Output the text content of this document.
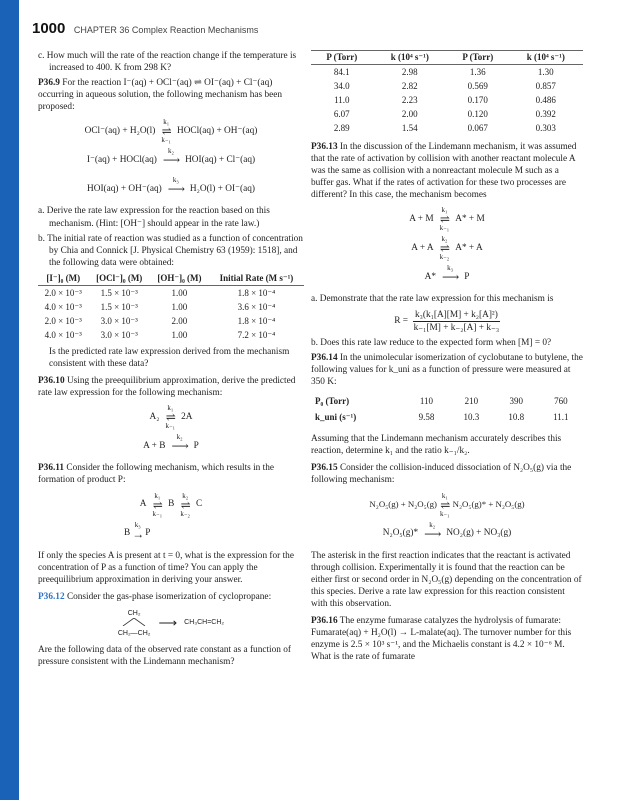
1000 CHAPTER 36 Complex Reaction Mechanisms

c. How much will the rate of the reaction change if the temperature is increased to 400. K from 298 K?

P36.9 For the reaction I⁻(aq) + OCl⁻(aq) ⇌ OI⁻(aq) + Cl⁻(aq) occurring in aqueous solution, the following mechanism has been proposed:

OCl⁻(aq) + H₂O(l)
k₁
⇌
k₋₁
HOCl(aq) + OH⁻(aq)
I⁻(aq) + HOCl(aq)
k₂
⟶
HOI(aq) + Cl⁻(aq)
HOI(aq) + OH⁻(aq)
k₃
⟶
H₂O(l) + OI⁻(aq)

a. Derive the rate law expression for the reaction based on this mechanism. (Hint: [OH⁻] should appear in the rate law.)

b. The initial rate of reaction was studied as a function of concentration by Chia and Connick [J. Physical Chemistry 63 (1959): 1518], and the following data were obtained:

[I⁻]₀ (M)	[OCl⁻]₀ (M)	[OH⁻]₀ (M)	Initial Rate (M s⁻¹)
2.0 × 10⁻³	1.5 × 10⁻³	1.00	1.8 × 10⁻⁴
4.0 × 10⁻³	1.5 × 10⁻³	1.00	3.6 × 10⁻⁴
2.0 × 10⁻³	3.0 × 10⁻³	2.00	1.8 × 10⁻⁴
4.0 × 10⁻³	3.0 × 10⁻³	1.00	7.2 × 10⁻⁴

Is the predicted rate law expression derived from the mechanism consistent with these data?

P36.10 Using the preequilibrium approximation, derive the predicted rate law expression for the following mechanism:

A₂
k₁
⇌
k₋₁
2A
A + B
k₂
⟶
P

P36.11 Consider the following mechanism, which results in the formation of product P:

A
k₁
⇌
k₋₁
B
k₂
⇌
k₋₂
C
B
k₃
→
P

If only the species A is present at t = 0, what is the expression for the concentration of P as a function of time? You can apply the preequilibrium approximation in deriving your answer.

P36.12 Consider the gas-phase isomerization of cyclopropane:

CH₂
CH₂—CH₂
⟶ CH₃CH=CH₂

Are the following data of the observed rate constant as a function of pressure consistent with the Lindemann mechanism?

P (Torr)	k (10⁴ s⁻¹)	P (Torr)	k (10⁴ s⁻¹)
84.1	2.98	1.36	1.30
34.0	2.82	0.569	0.857
11.0	2.23	0.170	0.486
6.07	2.00	0.120	0.392
2.89	1.54	0.067	0.303

P36.13 In the discussion of the Lindemann mechanism, it was assumed that the rate of activation by collision with another reactant molecule A was the same as collision with a nonreactant molecule M such as a buffer gas. What if the rates of activation for these two processes are different? In this case, the mechanism becomes

A + M
k₁
⇌
k₋₁
A* + M
A + A
k₂
⇌
k₋₂
A* + A
A*
k₃
⟶
P

a. Demonstrate that the rate law expression for this mechanism is

$R = \frac{\text{k₃(k₁[A][M] + k₂[A]²)}}{\text{k₋₁[M] + k₋₂[A] + k₋₃}}$

b. Does this rate law reduce to the expected form when [M] = 0?

P36.14 In the unimolecular isomerization of cyclobutane to butylene, the following values for k_uni as a function of pressure were measured at 350 K:

P₀ (Torr)	110	210	390	760
k_uni (s⁻¹)	9.58	10.3	10.8	11.1

Assuming that the Lindemann mechanism accurately describes this reaction, determine k₁ and the ratio k₋₁/k₂.

P36.15 Consider the collision-induced dissociation of N₂O₅(g) via the following mechanism:

N₂O₅(g) + N₂O₅(g)
k₁
⇌
k₋₁
N₂O₅(g)* + N₂O₅(g)
N₂O₅(g)*
k₂
⟶
NO₂(g) + NO₃(g)

The asterisk in the first reaction indicates that the reactant is activated through collision. Experimentally it is found that the reaction can be either first or second order in N₂O₅(g) depending on the concentration of this species. Derive a rate law expression for this reaction consistent with this observation.

P36.16 The enzyme fumarase catalyzes the hydrolysis of fumarate: Fumarate(aq) + H₂O(l) → L-malate(aq). The turnover number for this enzyme is 2.5 × 10³ s⁻¹, and the Michaelis constant is 4.2 × 10⁻⁶ M. What is the rate of fumarate
